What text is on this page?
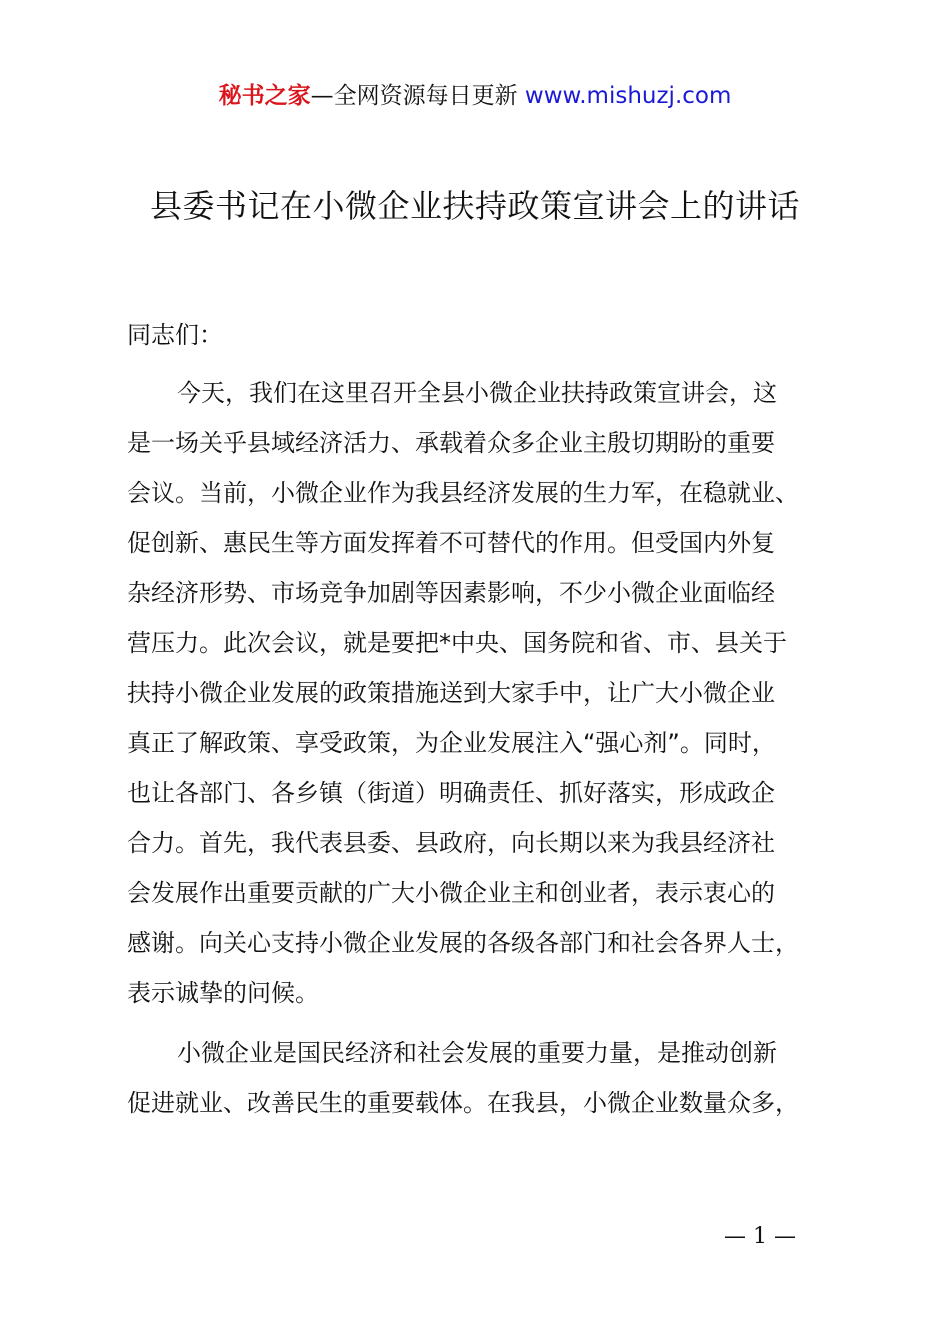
秘书之家—全网资源每日更新 www.mishuzj.com
县委书记在小微企业扶持政策宣讲会上的讲话
同志们：
今天，我们在这里召开全县小微企业扶持政策宣讲会，这
是一场关乎县域经济活力、承载着众多企业主殷切期盼的重要
会议。当前，小微企业作为我县经济发展的生力军，在稳就业、
促创新、惠民生等方面发挥着不可替代的作用。但受国内外复
杂经济形势、市场竞争加剧等因素影响，不少小微企业面临经
营压力。此次会议，就是要把*中央、国务院和省、市、县关于
扶持小微企业发展的政策措施送到大家手中，让广大小微企业
真正了解政策、享受政策，为企业发展注入“强心剂”。同时，
也让各部门、各乡镇（街道）明确责任、抓好落实，形成政企
合力。首先，我代表县委、县政府，向长期以来为我县经济社
会发展作出重要贡献的广大小微企业主和创业者，表示衷心的
感谢。向关心支持小微企业发展的各级各部门和社会各界人士，
表示诚挚的问候。
小微企业是国民经济和社会发展的重要力量，是推动创新
促进就业、改善民生的重要载体。在我县，小微企业数量众多，
— 1 —
